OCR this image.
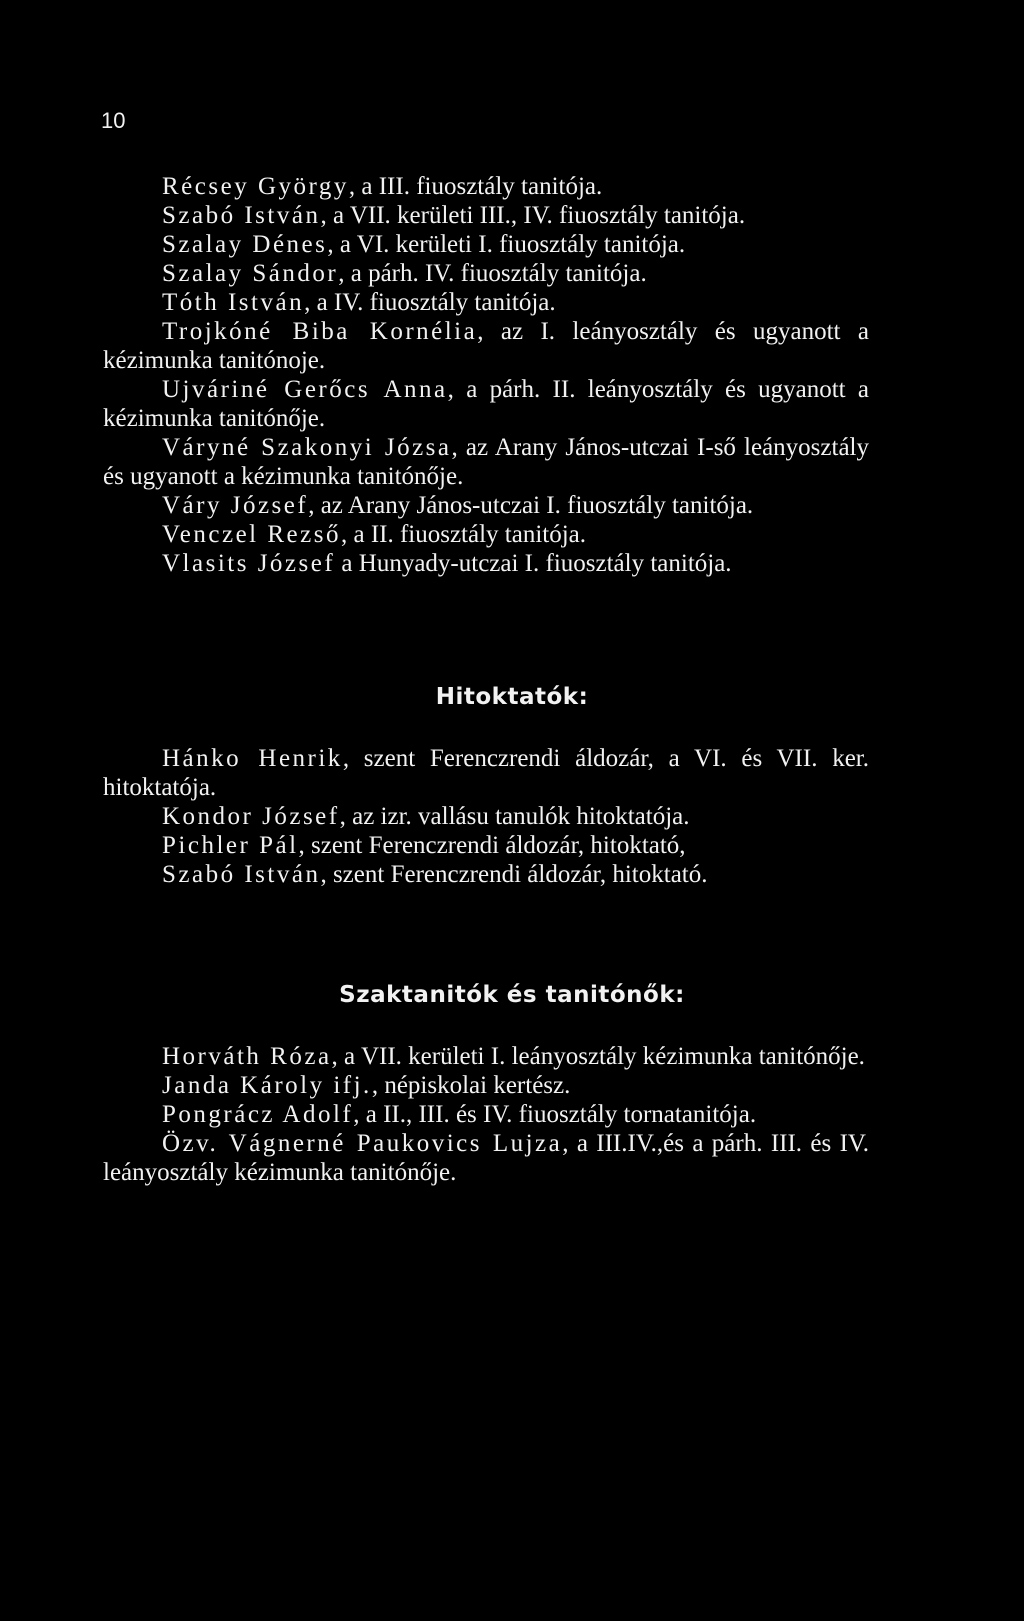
10
Récsey György, a III. fiuosztály tanitója.
Szabó István, a VII. kerületi III., IV. fiuosztály tanitója.
Szalay Dénes, a VI. kerületi I. fiuosztály tanitója.
Szalay Sándor, a párh. IV. fiuosztály tanitója.
Tóth István, a IV. fiuosztály tanitója.
Trojkóné Biba Kornélia, az I. leányosztály és ugyanott a kézimunka tanitónoje.
Ujváriné Gerőcs Anna, a párh. II. leányosztály és ugyanott a kézimunka tanitónője.
Váryné Szakonyi Józsa, az Arany János-utczai I-ső leányosztály és ugyanott a kézimunka tanitónője.
Váry József, az Arany János-utczai I. fiuosztály tanitója.
Venczel Rezső, a II. fiuosztály tanitója.
Vlasits József a Hunyady-utczai I. fiuosztály tanitója.
Hitoktatók:
Hánko Henrik, szent Ferenczrendi áldozár, a VI. és VII. ker. hitoktatója.
Kondor József, az izr. vallásu tanulók hitoktatója.
Pichler Pál, szent Ferenczrendi áldozár, hitoktató,
Szabó István, szent Ferenczrendi áldozár, hitoktató.
Szaktanitók és tanitónők:
Horváth Róza, a VII. kerületi I. leányosztály kézimunka tanitónője.
Janda Károly ifj., népiskolai kertész.
Pongrácz Adolf, a II., III. és IV. fiuosztály tornatanitója.
Özv. Vágnerné Paukovics Lujza, a III.IV.,és a párh. III. és IV. leányosztály kézimunka tanitónője.
